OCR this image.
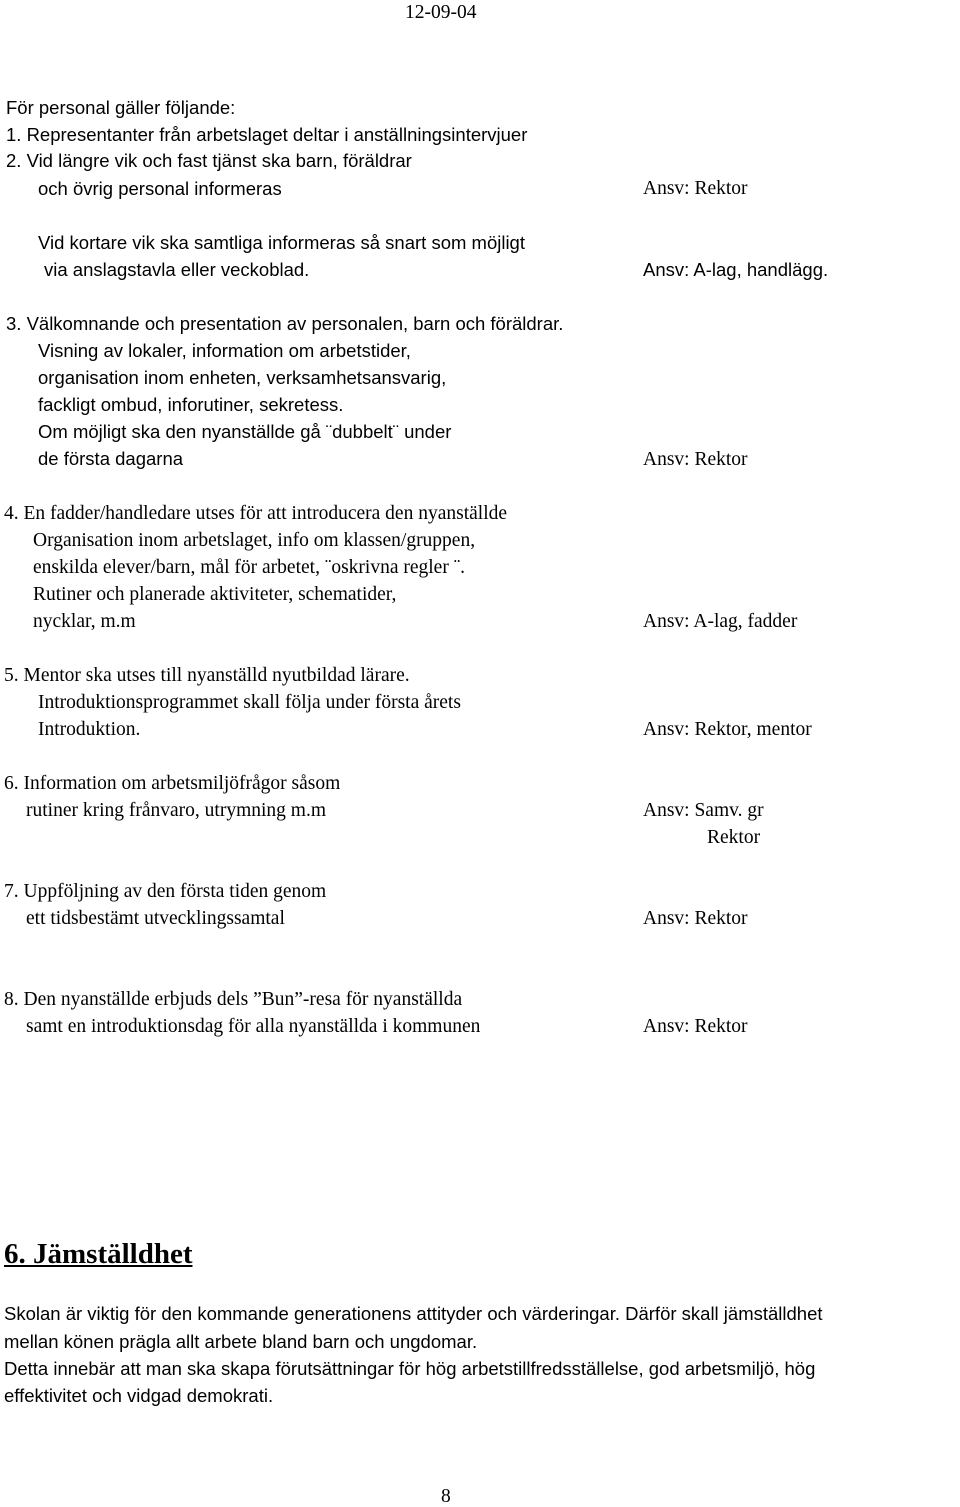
12-09-04
För personal gäller följande:
1. Representanter från arbetslaget deltar i anställningsintervjuer
2. Vid längre vik och fast tjänst ska barn, föräldrar
och övrig personal informeras	Ansv: Rektor
Vid kortare vik ska samtliga informeras så snart som möjligt
via anslagstavla eller veckoblad.	Ansv: A-lag, handlägg.
3. Välkomnande och presentation av personalen, barn och föräldrar.
Visning av lokaler, information om arbetstider,
organisation inom enheten, verksamhetsansvarig,
fackligt ombud, inforutiner, sekretess.
Om möjligt ska den nyanställde gå ¨dubbelt¨ under
de första dagarna	Ansv: Rektor
4. En fadder/handledare utses för att introducera den nyanställde
Organisation inom arbetslaget, info om klassen/gruppen,
enskilda elever/barn, mål för arbetet, ¨oskrivna regler ¨.
Rutiner och planerade aktiviteter, schematider,
nycklar, m.m	Ansv: A-lag, fadder
5. Mentor ska utses till nyanställd nyutbildad lärare.
Introduktionsprogrammet skall följa under första årets
Introduktion.	Ansv: Rektor, mentor
6. Information om arbetsmiljöfrågor såsom
rutiner kring frånvaro, utrymning m.m	Ansv: Samv. gr
Rektor
7. Uppföljning av den första tiden genom
ett tidsbestämt utvecklingssamtal	Ansv: Rektor
8. Den nyanställde erbjuds dels ”Bun”-resa för nyanställda
samt en introduktionsdag för alla nyanställda i kommunen	Ansv: Rektor
6. Jämställdhet
Skolan är viktig för den kommande generationens attityder och värderingar. Därför skall jämställdhet
mellan könen prägla allt arbete bland barn och ungdomar.
Detta innebär att man ska skapa förutsättningar för hög arbetstillfredsställelse, god arbetsmiljö, hög
effektivitet och vidgad demokrati.
8
